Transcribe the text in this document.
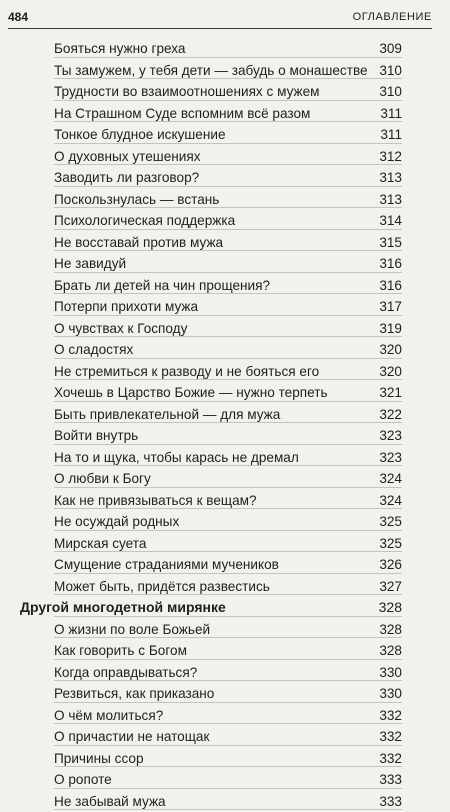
484	ОГЛАВЛЕНИЕ
Бояться нужно греха	309
Ты замужем, у тебя дети — забудь о монашестве 310
Трудности во взаимоотношениях с мужем	310
На Страшном Суде вспомним всё разом	311
Тонкое блудное искушение	311
О духовных утешениях	312
Заводить ли разговор?	313
Поскользнулась — встань	313
Психологическая поддержка	314
Не восставай против мужа	315
Не завидуй	316
Брать ли детей на чин прощения?	316
Потерпи прихоти мужа	317
О чувствах к Господу	319
О сладостях	320
Не стремиться к разводу и не бояться его	320
Хочешь в Царство Божие — нужно терпеть	321
Быть привлекательной — для мужа	322
Войти внутрь	323
На то и щука, чтобы карась не дремал	323
О любви к Богу	324
Как не привязываться к вещам?	324
Не осуждай родных	325
Мирская суета	325
Смущение страданиями мучеников	326
Может быть, придётся развестись	327
Другой многодетной мирянке	328
О жизни по воле Божьей	328
Как говорить с Богом	328
Когда оправдываться?	330
Резвиться, как приказано	330
О чём молиться?	332
О причастии не натощак	332
Причины ссор	332
О ропоте	333
Не забывай мужа	333
